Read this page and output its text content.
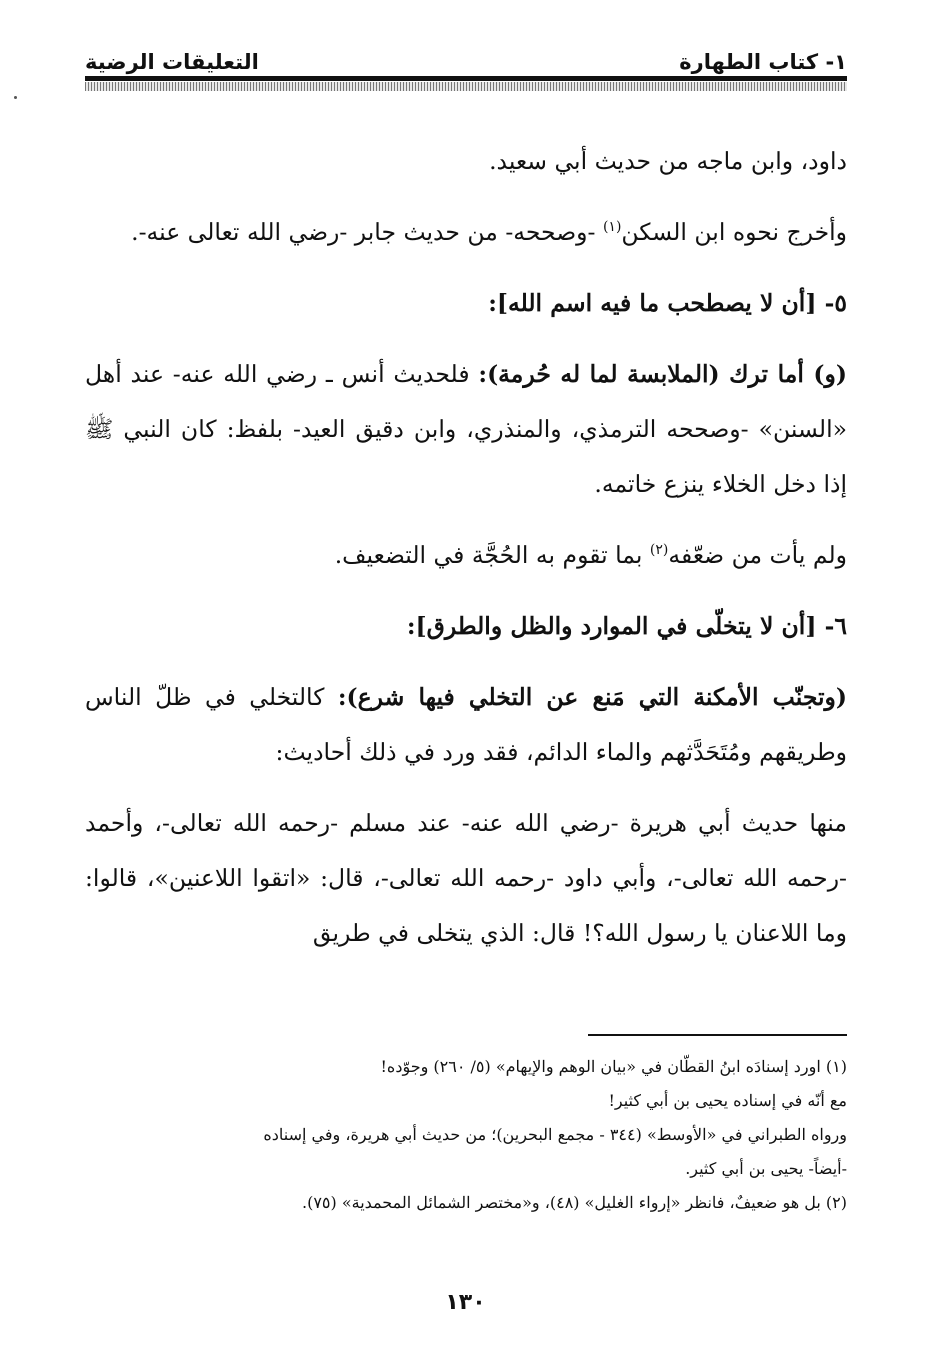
التعليقات الرضية	١- كتاب الطهارة

داود، وابن ماجه من حديث أبي سعيد.

وأخرج نحوه ابن السكن$^{(١)}$ -وصححه- من حديث جابر -رضي الله تعالى عنه-.

٥- [أن لا يصطحب ما فيه اسم الله]:

(و) أما ترك (الملابسة لما له حُرمة): فلحديث أنس ـ رضي الله عنه- عند أهل «السنن» -وصححه الترمذي، والمنذري، وابن دقيق العيد- بلفظ: كان النبي ﷺ إذا دخل الخلاء ينزع خاتمه.

ولم يأت من ضعّفه$^{(٢)}$ بما تقوم به الحُجَّة في التضعيف.

٦- [أن لا يتخلّى في الموارد والظل والطرق]:

(وتجنّب الأمكنة التي مَنع عن التخلي فيها شرع): كالتخلي في ظلّ الناس وطريقهم ومُتَحَدَّثهم والماء الدائم، فقد ورد في ذلك أحاديث:

منها حديث أبي هريرة -رضي الله عنه- عند مسلم -رحمه الله تعالى-، وأحمد -رحمه الله تعالى-، وأبي داود -رحمه الله تعالى-، قال: «اتقوا اللاعنين»، قالوا: وما اللاعنان يا رسول الله؟! قال: الذي يتخلى في طريق

(١) اورد إسنادَه ابنُ القطّان في «بيان الوهم والإيهام» (٥/ ٢٦٠) وجوّده!

مع أنّه في إسناده يحيى بن أبي كثير!

ورواه الطبراني في «الأوسط» (٣٤٤ - مجمع البحرين)؛ من حديث أبي هريرة، وفي إسناده

-أيضاً- يحيى بن أبي كثير.

(٢) بل هو ضعيفٌ، فانظر «إرواء الغليل» (٤٨)، و«مختصر الشمائل المحمدية» (٧٥).

١٣٠
